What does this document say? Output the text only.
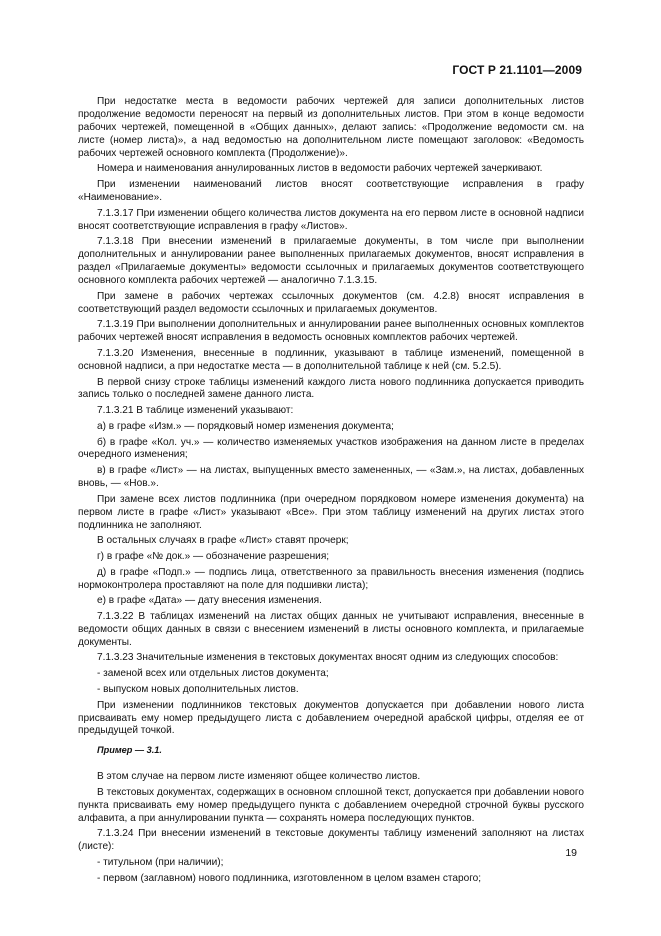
ГОСТ Р 21.1101—2009

При недостатке места в ведомости рабочих чертежей для записи дополнительных листов продолжение ведомости переносят на первый из дополнительных листов. При этом в конце ведомости рабочих чертежей, помещенной в «Общих данных», делают запись: «Продолжение ведомости см. на листе (номер листа)», а над ведомостью на дополнительном листе помещают заголовок: «Ведомость рабочих чертежей основного комплекта (Продолжение)».

Номера и наименования аннулированных листов в ведомости рабочих чертежей зачеркивают.

При изменении наименований листов вносят соответствующие исправления в графу «Наименование».

7.1.3.17 При изменении общего количества листов документа на его первом листе в основной надписи вносят соответствующие исправления в графу «Листов».

7.1.3.18 При внесении изменений в прилагаемые документы, в том числе при выполнении дополнительных и аннулировании ранее выполненных прилагаемых документов, вносят исправления в раздел «Прилагаемые документы» ведомости ссылочных и прилагаемых документов соответствующего основного комплекта рабочих чертежей — аналогично 7.1.3.15.

При замене в рабочих чертежах ссылочных документов (см. 4.2.8) вносят исправления в соответствующий раздел ведомости ссылочных и прилагаемых документов.

7.1.3.19 При выполнении дополнительных и аннулировании ранее выполненных основных комплектов рабочих чертежей вносят исправления в ведомость основных комплектов рабочих чертежей.

7.1.3.20 Изменения, внесенные в подлинник, указывают в таблице изменений, помещенной в основной надписи, а при недостатке места — в дополнительной таблице к ней (см. 5.2.5).

В первой снизу строке таблицы изменений каждого листа нового подлинника допускается приводить запись только о последней замене данного листа.

7.1.3.21 В таблице изменений указывают:

а) в графе «Изм.» — порядковый номер изменения документа;

б) в графе «Кол. уч.» — количество изменяемых участков изображения на данном листе в пределах очередного изменения;

в) в графе «Лист» — на листах, выпущенных вместо замененных, — «Зам.», на листах, добавленных вновь, — «Нов.».

При замене всех листов подлинника (при очередном порядковом номере изменения документа) на первом листе в графе «Лист» указывают «Все». При этом таблицу изменений на других листах этого подлинника не заполняют.

В остальных случаях в графе «Лист» ставят прочерк;

г) в графе «№ док.» — обозначение разрешения;

д) в графе «Подп.» — подпись лица, ответственного за правильность внесения изменения (подпись нормоконтролера проставляют на поле для подшивки листа);

е) в графе «Дата» — дату внесения изменения.

7.1.3.22 В таблицах изменений на листах общих данных не учитывают исправления, внесенные в ведомости общих данных в связи с внесением изменений в листы основного комплекта, и прилагаемые документы.

7.1.3.23 Значительные изменения в текстовых документах вносят одним из следующих способов:

- заменой всех или отдельных листов документа;

- выпуском новых дополнительных листов.

При изменении подлинников текстовых документов допускается при добавлении нового листа присваивать ему номер предыдущего листа с добавлением очередной арабской цифры, отделяя ее от предыдущей точкой.

Пример — 3.1.

В этом случае на первом листе изменяют общее количество листов.

В текстовых документах, содержащих в основном сплошной текст, допускается при добавлении нового пункта присваивать ему номер предыдущего пункта с добавлением очередной строчной буквы русского алфавита, а при аннулировании пункта — сохранять номера последующих пунктов.

7.1.3.24 При внесении изменений в текстовые документы таблицу изменений заполняют на листах (листе):

- титульном (при наличии);

- первом (заглавном) нового подлинника, изготовленном в целом взамен старого;

19
